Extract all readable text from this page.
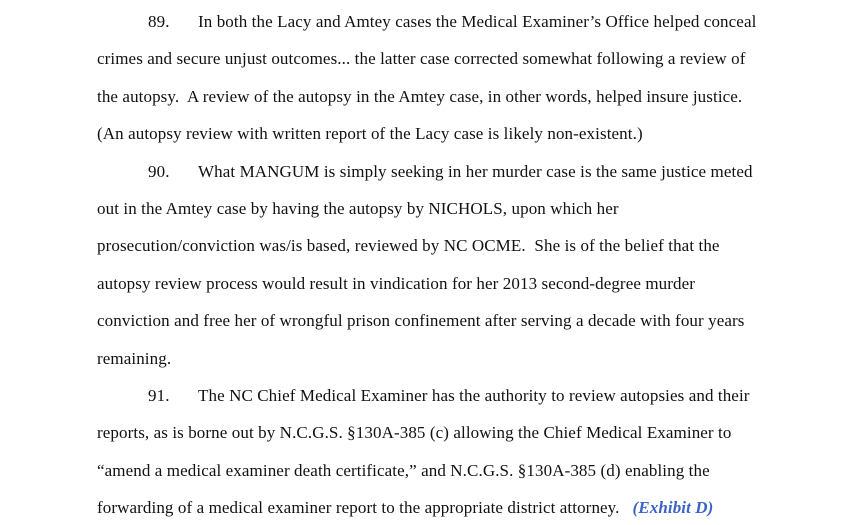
89. In both the Lacy and Amtey cases the Medical Examiner’s Office helped conceal
crimes and secure unjust outcomes... the latter case corrected somewhat following a review of
the autopsy.  A review of the autopsy in the Amtey case, in other words, helped insure justice.
(An autopsy review with written report of the Lacy case is likely non-existent.)
90. What MANGUM is simply seeking in her murder case is the same justice meted
out in the Amtey case by having the autopsy by NICHOLS, upon which her
prosecution/conviction was/is based, reviewed by NC OCME.  She is of the belief that the
autopsy review process would result in vindication for her 2013 second-degree murder
conviction and free her of wrongful prison confinement after serving a decade with four years
remaining.
91. The NC Chief Medical Examiner has the authority to review autopsies and their
reports, as is borne out by N.C.G.S. §130A-385 (c) allowing the Chief Medical Examiner to
“amend a medical examiner death certificate,” and N.C.G.S. §130A-385 (d) enabling the
forwarding of a medical examiner report to the appropriate district attorney. (Exhibit D)
